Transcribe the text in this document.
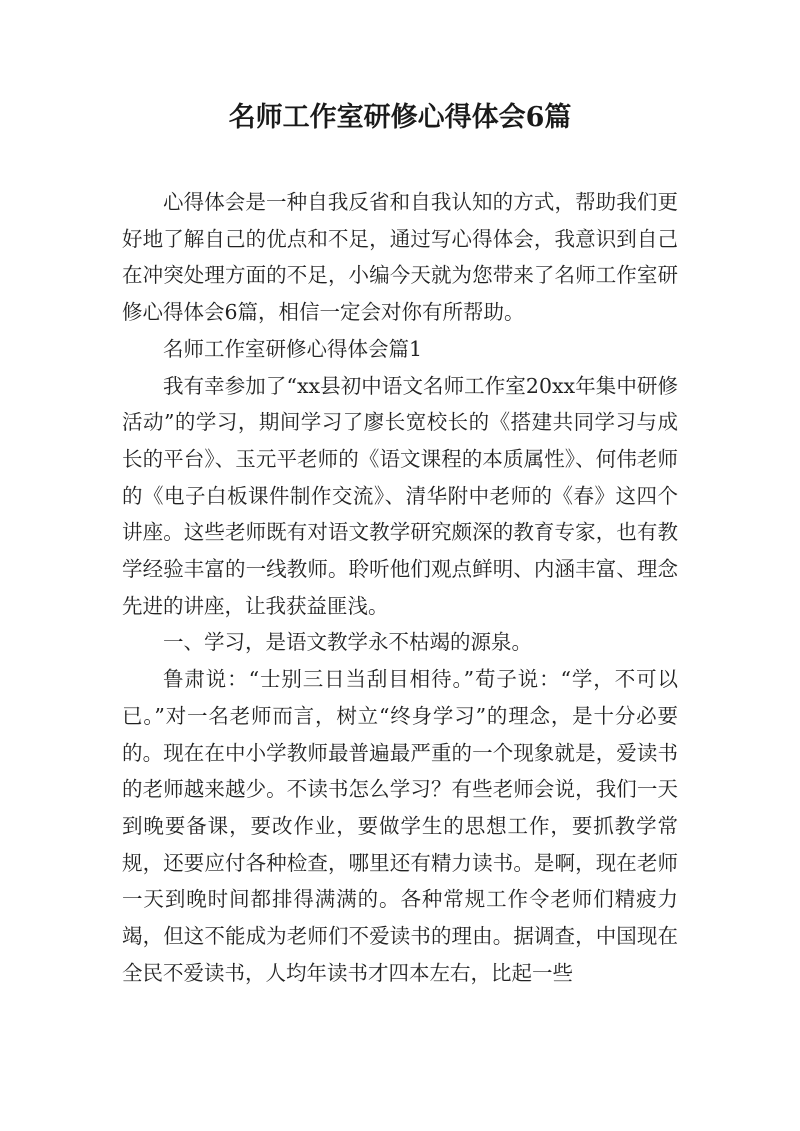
名师工作室研修心得体会6篇

心得体会是一种自我反省和自我认知的方式，帮助我们更好地了解自己的优点和不足，通过写心得体会，我意识到自己在冲突处理方面的不足，小编今天就为您带来了名师工作室研修心得体会6篇，相信一定会对你有所帮助。

名师工作室研修心得体会篇1

我有幸参加了“xx县初中语文名师工作室20xx年集中研修活动”的学习，期间学习了廖长宽校长的《搭建共同学习与成长的平台》、玉元平老师的《语文课程的本质属性》、何伟老师的《电子白板课件制作交流》、清华附中老师的《春》这四个讲座。这些老师既有对语文教学研究颇深的教育专家，也有教学经验丰富的一线教师。聆听他们观点鲜明、内涵丰富、理念先进的讲座，让我获益匪浅。

一、学习，是语文教学永不枯竭的源泉。

鲁肃说：“士别三日当刮目相待。”荀子说：“学，不可以已。”对一名老师而言，树立“终身学习”的理念，是十分必要的。现在在中小学教师最普遍最严重的一个现象就是，爱读书的老师越来越少。不读书怎么学习？有些老师会说，我们一天到晚要备课，要改作业，要做学生的思想工作，要抓教学常规，还要应付各种检查，哪里还有精力读书。是啊，现在老师一天到晚时间都排得满满的。各种常规工作令老师们精疲力竭，但这不能成为老师们不爱读书的理由。据调查，中国现在全民不爱读书，人均年读书才四本左右，比起一些
